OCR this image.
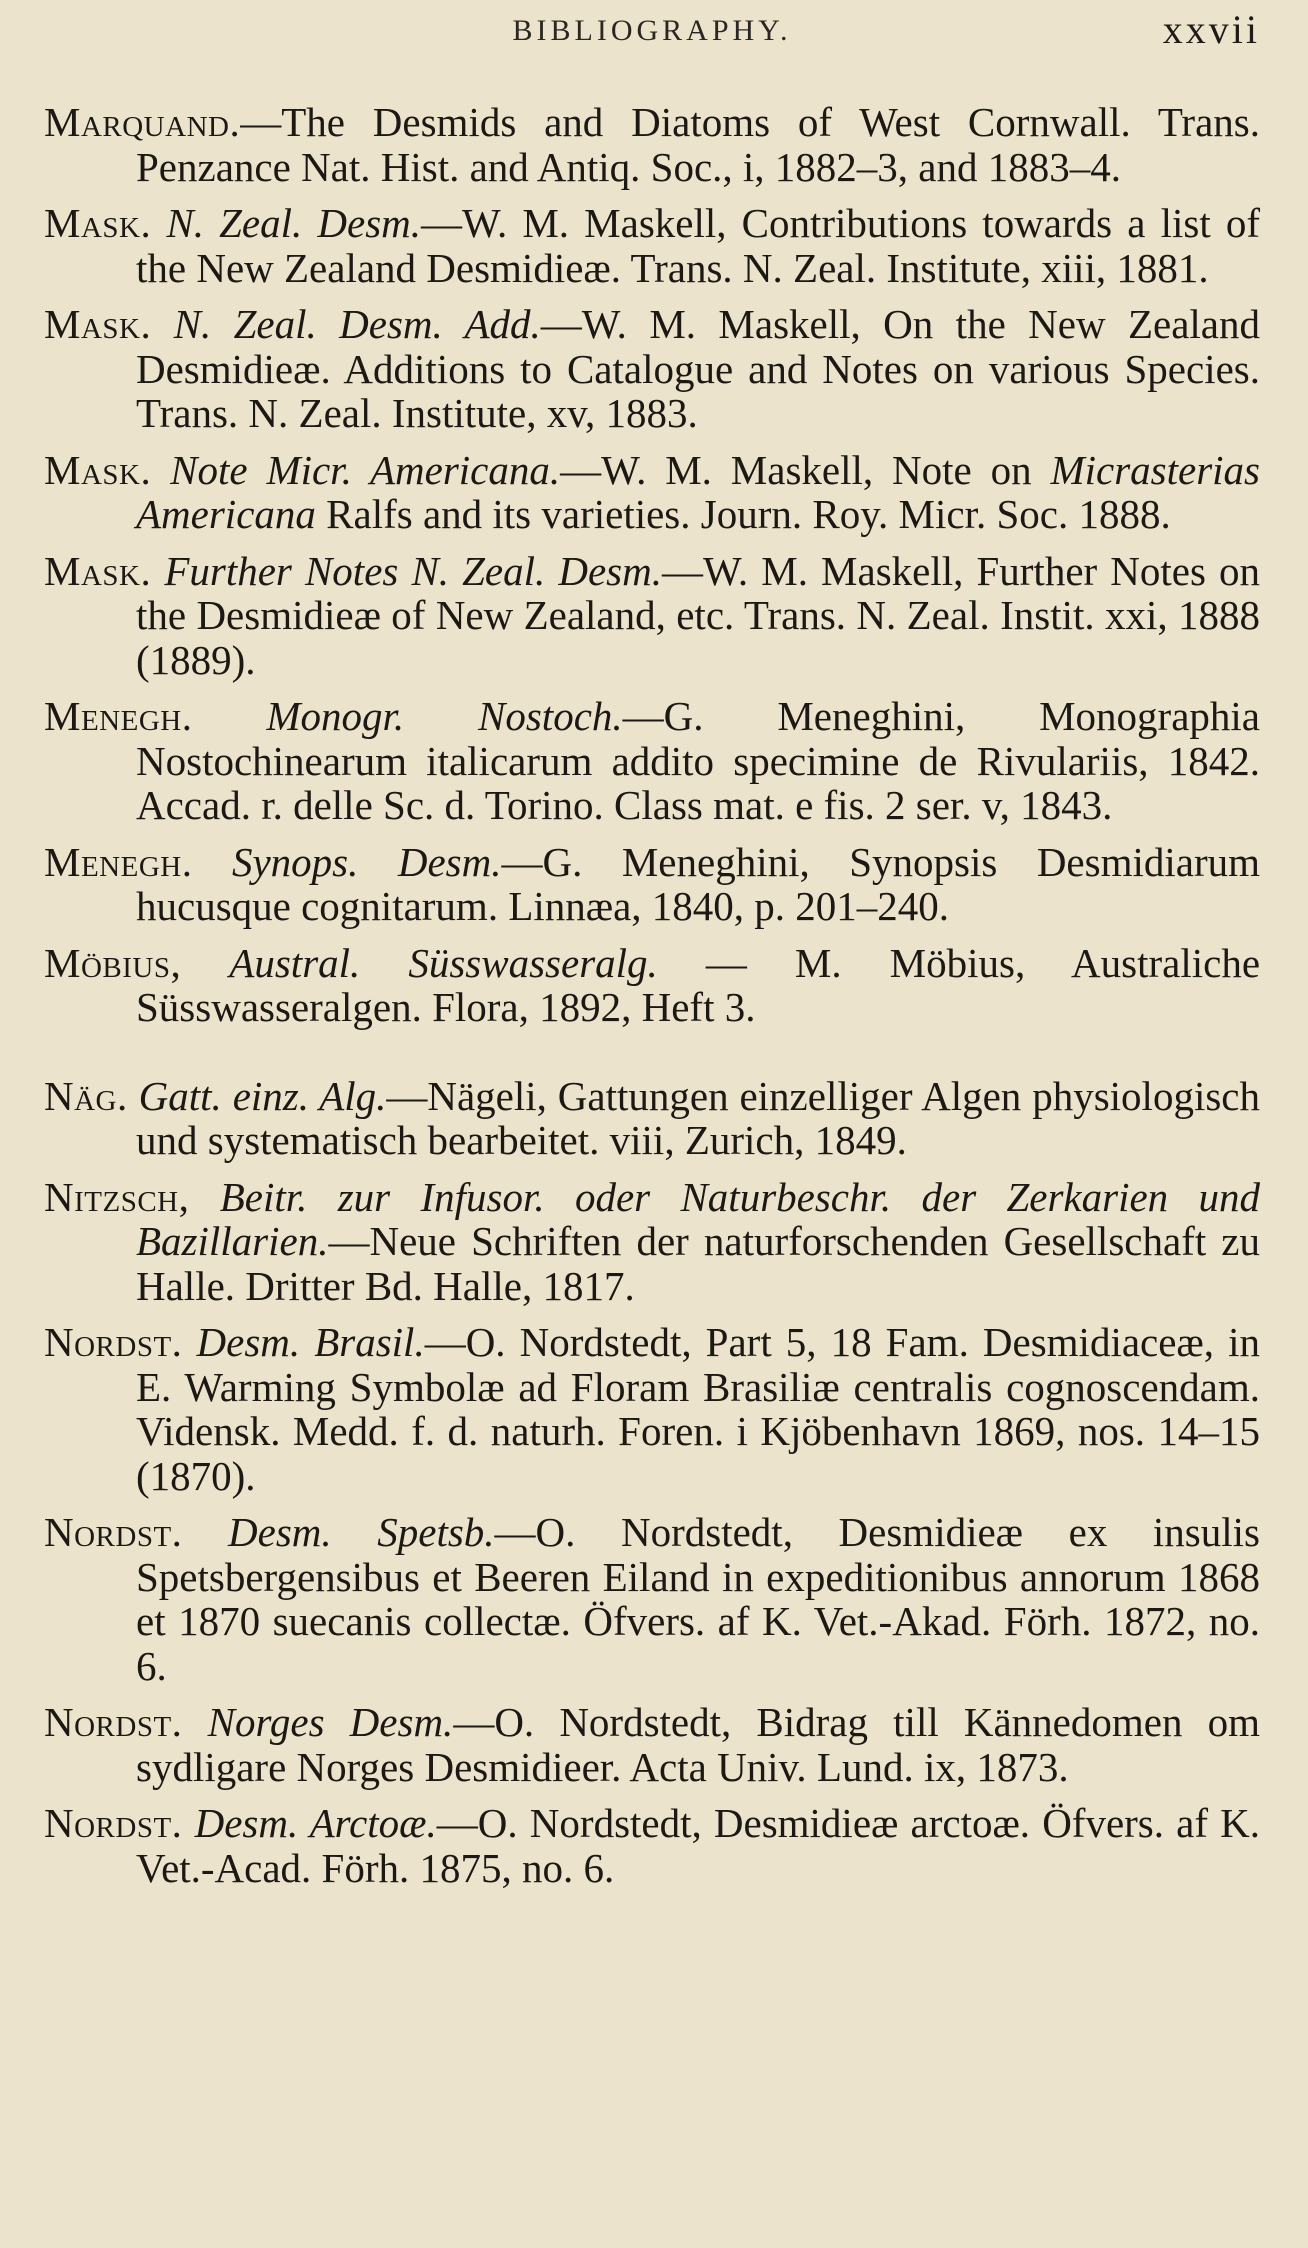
BIBLIOGRAPHY.	xxvii

Marquand.—The Desmids and Diatoms of West Cornwall. Trans. Penzance Nat. Hist. and Antiq. Soc., i, 1882–3, and 1883–4.

Mask. N. Zeal. Desm.—W. M. Maskell, Contributions towards a list of the New Zealand Desmidieæ. Trans. N. Zeal. Institute, xiii, 1881.

Mask. N. Zeal. Desm. Add.—W. M. Maskell, On the New Zealand Desmidieæ. Additions to Catalogue and Notes on various Species. Trans. N. Zeal. Institute, xv, 1883.

Mask. Note Micr. Americana.—W. M. Maskell, Note on Micrasterias Americana Ralfs and its varieties. Journ. Roy. Micr. Soc. 1888.

Mask. Further Notes N. Zeal. Desm.—W. M. Maskell, Further Notes on the Desmidieæ of New Zealand, etc. Trans. N. Zeal. Instit. xxi, 1888 (1889).

Menegh. Monogr. Nostoch.—G. Meneghini, Monographia Nostochinearum italicarum addito specimine de Rivulariis, 1842. Accad. r. delle Sc. d. Torino. Class mat. e fis. 2 ser. v, 1843.

Menegh. Synops. Desm.—G. Meneghini, Synopsis Desmidiarum hucusque cognitarum. Linnæa, 1840, p. 201–240.

Möbius, Austral. Süsswasseralg. — M. Möbius, Australiche Süsswasseralgen. Flora, 1892, Heft 3.

Näg. Gatt. einz. Alg.—Nägeli, Gattungen einzelliger Algen physiologisch und systematisch bearbeitet. viii, Zurich, 1849.

Nitzsch, Beitr. zur Infusor. oder Naturbeschr. der Zerkarien und Bazillarien.—Neue Schriften der naturforschenden Gesellschaft zu Halle. Dritter Bd. Halle, 1817.

Nordst. Desm. Brasil.—O. Nordstedt, Part 5, 18 Fam. Desmidiaceæ, in E. Warming Symbolæ ad Floram Brasiliæ centralis cognoscendam. Vidensk. Medd. f. d. naturh. Foren. i Kjöbenhavn 1869, nos. 14–15 (1870).

Nordst. Desm. Spetsb.—O. Nordstedt, Desmidieæ ex insulis Spetsbergensibus et Beeren Eiland in expeditionibus annorum 1868 et 1870 suecanis collectæ. Öfvers. af K. Vet.-Akad. Förh. 1872, no. 6.

Nordst. Norges Desm.—O. Nordstedt, Bidrag till Kännedomen om sydligare Norges Desmidieer. Acta Univ. Lund. ix, 1873.

Nordst. Desm. Arctoæ.—O. Nordstedt, Desmidieæ arctoæ. Öfvers. af K. Vet.-Acad. Förh. 1875, no. 6.
